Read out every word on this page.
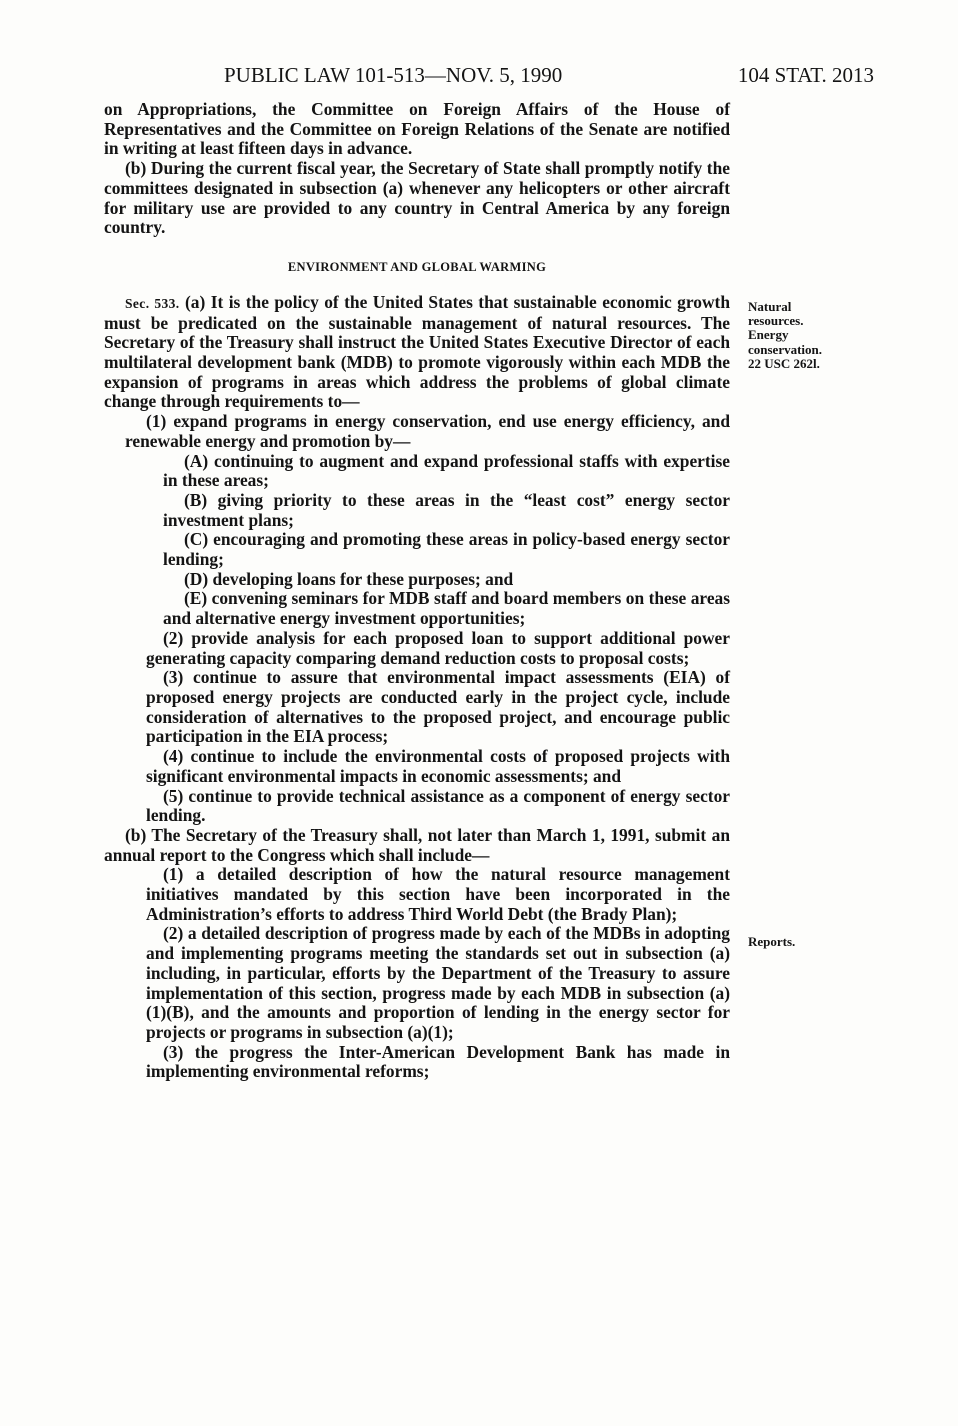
PUBLIC LAW 101-513—NOV. 5, 1990	104 STAT. 2013

on Appropriations, the Committee on Foreign Affairs of the House of Representatives and the Committee on Foreign Relations of the Senate are notified in writing at least fifteen days in advance.

(b) During the current fiscal year, the Secretary of State shall promptly notify the committees designated in subsection (a) whenever any helicopters or other aircraft for military use are provided to any country in Central America by any foreign country.

ENVIRONMENT AND GLOBAL WARMING

Sec. 533. (a) It is the policy of the United States that sustainable economic growth must be predicated on the sustainable management of natural resources. The Secretary of the Treasury shall instruct the United States Executive Director of each multilateral development bank (MDB) to promote vigorously within each MDB the expansion of programs in areas which address the problems of global climate change through requirements to—

(1) expand programs in energy conservation, end use energy efficiency, and renewable energy and promotion by—

(A) continuing to augment and expand professional staffs with expertise in these areas;

(B) giving priority to these areas in the “least cost” energy sector investment plans;

(C) encouraging and promoting these areas in policy-based energy sector lending;

(D) developing loans for these purposes; and

(E) convening seminars for MDB staff and board members on these areas and alternative energy investment opportunities;

(2) provide analysis for each proposed loan to support additional power generating capacity comparing demand reduction costs to proposal costs;

(3) continue to assure that environmental impact assessments (EIA) of proposed energy projects are conducted early in the project cycle, include consideration of alternatives to the proposed project, and encourage public participation in the EIA process;

(4) continue to include the environmental costs of proposed projects with significant environmental impacts in economic assessments; and

(5) continue to provide technical assistance as a component of energy sector lending.

(b) The Secretary of the Treasury shall, not later than March 1, 1991, submit an annual report to the Congress which shall include—

(1) a detailed description of how the natural resource management initiatives mandated by this section have been incorporated in the Administration’s efforts to address Third World Debt (the Brady Plan);

(2) a detailed description of progress made by each of the MDBs in adopting and implementing programs meeting the standards set out in subsection (a) including, in particular, efforts by the Department of the Treasury to assure implementation of this section, progress made by each MDB in subsection (a)(1)(B), and the amounts and proportion of lending in the energy sector for projects or programs in subsection (a)(1);

(3) the progress the Inter-American Development Bank has made in implementing environmental reforms;

Natural
resources.
Energy
conservation.
22 USC 262l.
Reports.
